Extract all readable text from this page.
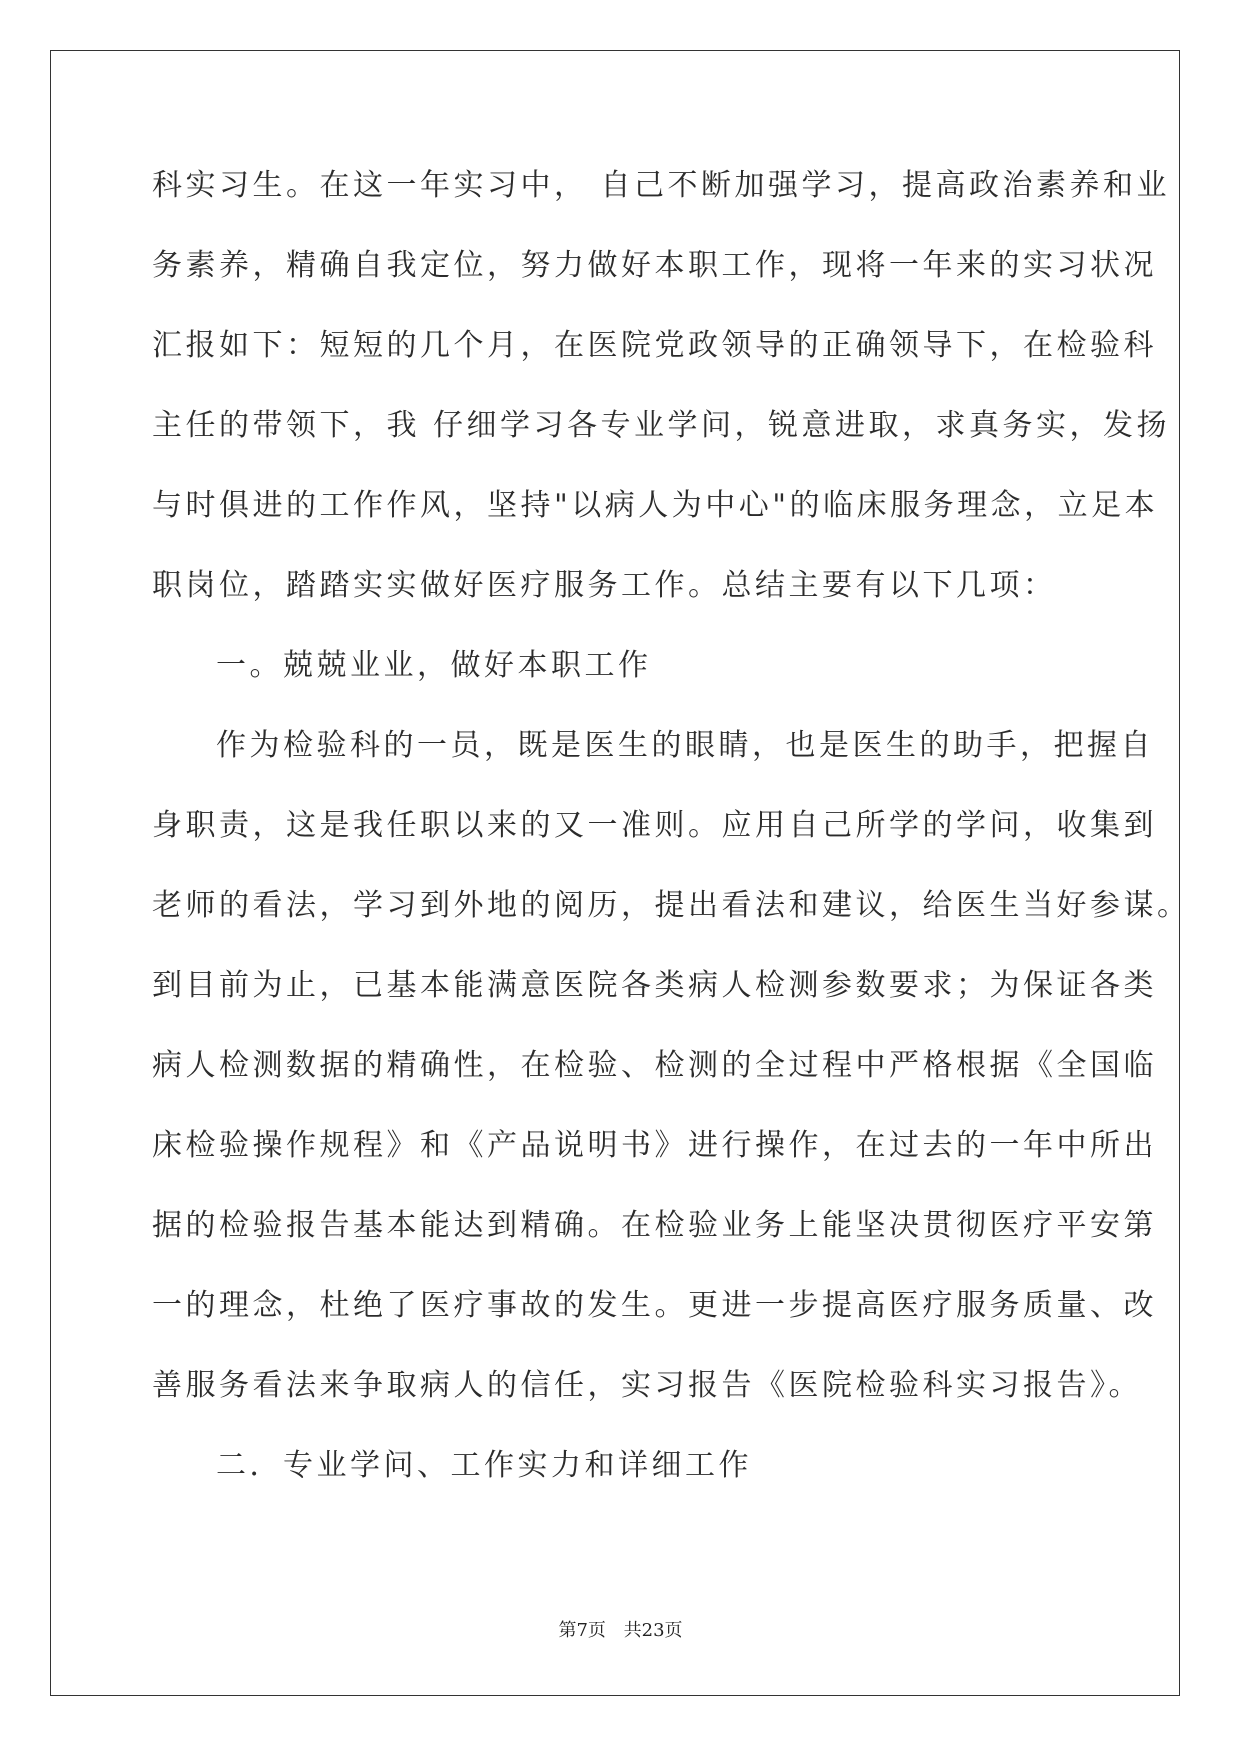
科实习生。在这一年实习中， 自己不断加强学习，提高政治素养和业
务素养，精确自我定位，努力做好本职工作，现将一年来的实习状况
汇报如下：短短的几个月，在医院党政领导的正确领导下，在检验科
主任的带领下，我 仔细学习各专业学问，锐意进取，求真务实，发扬
与时俱进的工作作风，坚持"以病人为中心"的临床服务理念，立足本
职岗位，踏踏实实做好医疗服务工作。总结主要有以下几项：
一。兢兢业业，做好本职工作
作为检验科的一员，既是医生的眼睛，也是医生的助手，把握自
身职责，这是我任职以来的又一准则。应用自己所学的学问，收集到
老师的看法，学习到外地的阅历，提出看法和建议，给医生当好参谋。
到目前为止，已基本能满意医院各类病人检测参数要求；为保证各类
病人检测数据的精确性，在检验、检测的全过程中严格根据《全国临
床检验操作规程》和《产品说明书》进行操作，在过去的一年中所出
据的检验报告基本能达到精确。在检验业务上能坚决贯彻医疗平安第
一的理念，杜绝了医疗事故的发生。更进一步提高医疗服务质量、改
善服务看法来争取病人的信任，实习报告《医院检验科实习报告》。
二．专业学问、工作实力和详细工作
第7页 共23页
